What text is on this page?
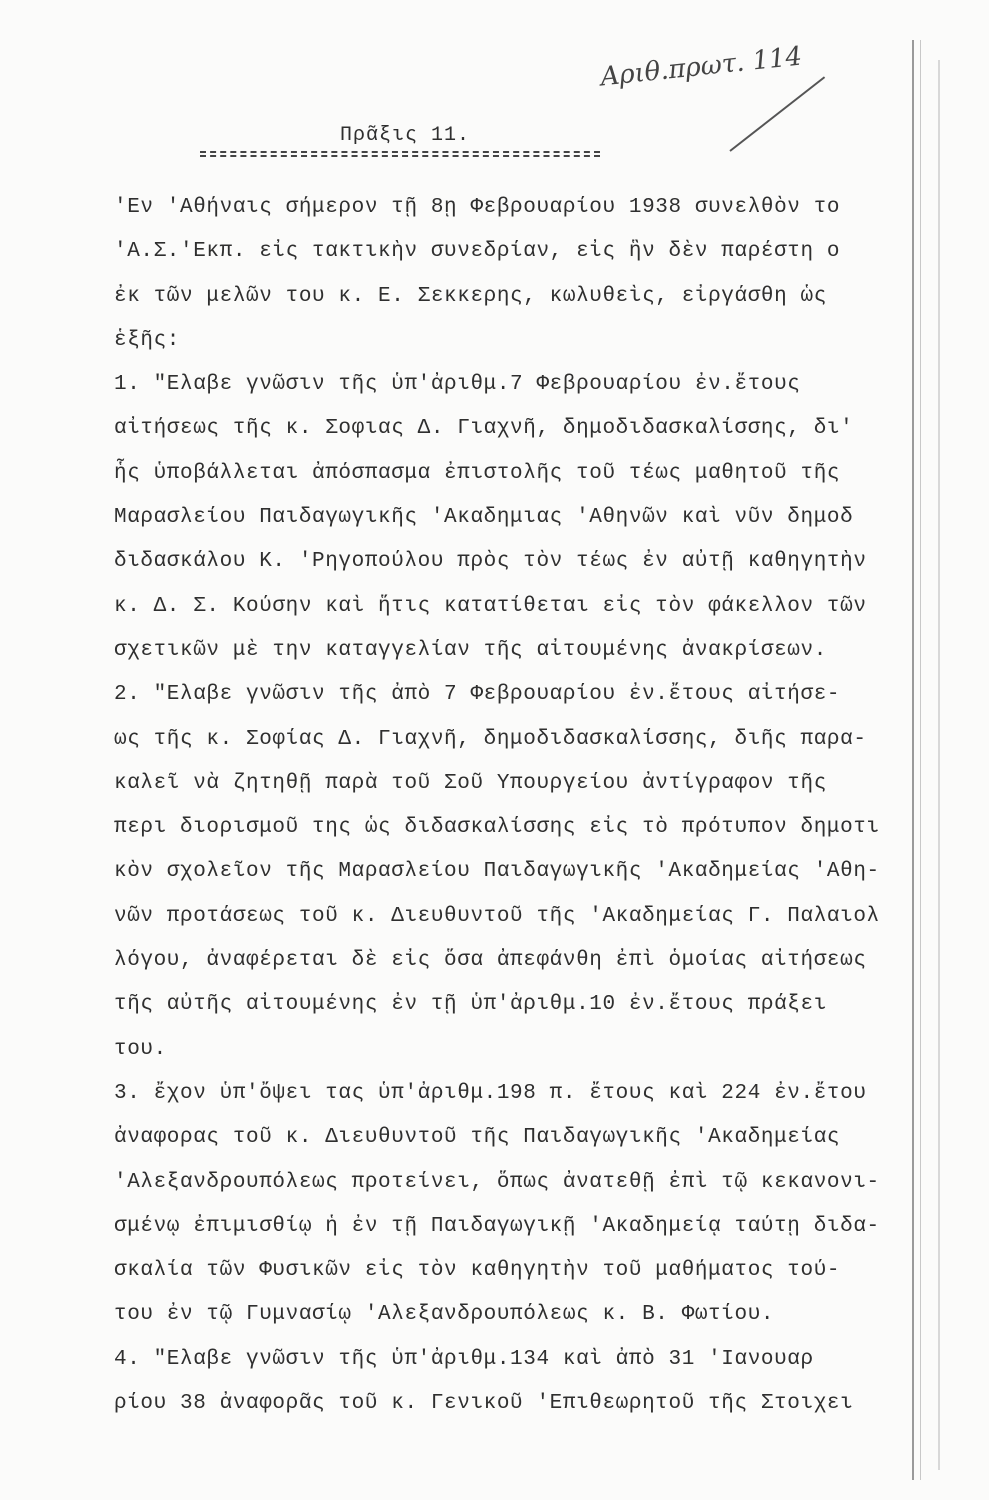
Αριθ.πρωτ. 114
Πρᾶξις 11.
'Εν 'Αθήναις σήμερον τῇ 8ῃ Φεβρουαρίου 1938 συνελθὸν το
'Α.Σ.'Εκπ. εἰς τακτικὴν συνεδρίαν, εἰς ἣν δὲν παρέστη ο
ἐκ τῶν μελῶν του κ. Ε. Σεκκερης, κωλυθεὶς, εἰργάσθη ὡς
ἑξῆς:
1. "Ελαβε γνῶσιν τῆς ὑπ'ἀριθμ.7 Φεβρουαρίου ἐν.ἔτους
αἰτήσεως τῆς κ. Σοφιας Δ. Γιαχνῆ, δημοδιδασκαλίσσης, δι'
ἧς ὑποβάλλεται ἀπόσπασμα ἐπιστολῆς τοῦ τέως μαθητοῦ τῆς
Μαρασλείου Παιδαγωγικῆς 'Ακαδημιας 'Αθηνῶν καὶ νῦν δημοδ
διδασκάλου Κ. 'Ρηγοπούλου πρὸς τὸν τέως ἐν αὐτῇ καθηγητὴν
κ. Δ. Σ. Κούσην καὶ ἥτις κατατίθεται εἰς τὸν φάκελλον τῶν
σχετικῶν μὲ την καταγγελίαν τῆς αἰτουμένης ἀνακρίσεων.
2. "Ελαβε γνῶσιν τῆς ἀπὸ 7 Φεβρουαρίου ἐν.ἔτους αἰτήσε-
ως τῆς κ. Σοφίας Δ. Γιαχνῆ, δημοδιδασκαλίσσης, διῆς παρα-
καλεῖ νὰ ζητηθῇ παρὰ τοῦ Σοῦ Υπουργείου ἀντίγραφον τῆς
περι διορισμοῦ της ὡς διδασκαλίσσης εἰς τὸ πρότυπον δημοτι
κὸν σχολεῖον τῆς Μαρασλείου Παιδαγωγικῆς 'Ακαδημείας 'Αθη-
νῶν προτάσεως τοῦ κ. Διευθυντοῦ τῆς 'Ακαδημείας Γ. Παλαιολ
λόγου, ἀναφέρεται δὲ εἰς ὅσα ἀπεφάνθη ἐπὶ ὁμοίας αἰτήσεως
τῆς αὐτῆς αἰτουμένης ἐν τῇ ὑπ'ἀριθμ.10 ἐν.ἔτους πράξει
του.
3. ἔχον ὑπ'ὄψει τας ὑπ'ἀριθμ.198 π. ἔτους καὶ 224 ἐν.ἔτου
ἀναφορας τοῦ κ. Διευθυντοῦ τῆς Παιδαγωγικῆς 'Ακαδημείας
'Αλεξανδρουπόλεως προτείνει, ὅπως ἀνατεθῇ ἐπὶ τῷ κεκανονι-
σμένῳ ἐπιμισθίῳ ἡ ἐν τῇ Παιδαγωγικῇ 'Ακαδημείᾳ ταύτῃ διδα-
σκαλία τῶν Φυσικῶν εἰς τὸν καθηγητὴν τοῦ μαθήματος τού-
του ἐν τῷ Γυμνασίῳ 'Αλεξανδρουπόλεως κ. Β. Φωτίου.
4. "Ελαβε γνῶσιν τῆς ὑπ'ἀριθμ.134 καὶ ἀπὸ 31 'Ιανουαρ
ρίου 38 ἀναφορᾶς τοῦ κ. Γενικοῦ 'Επιθεωρητοῦ τῆς Στοιχει
